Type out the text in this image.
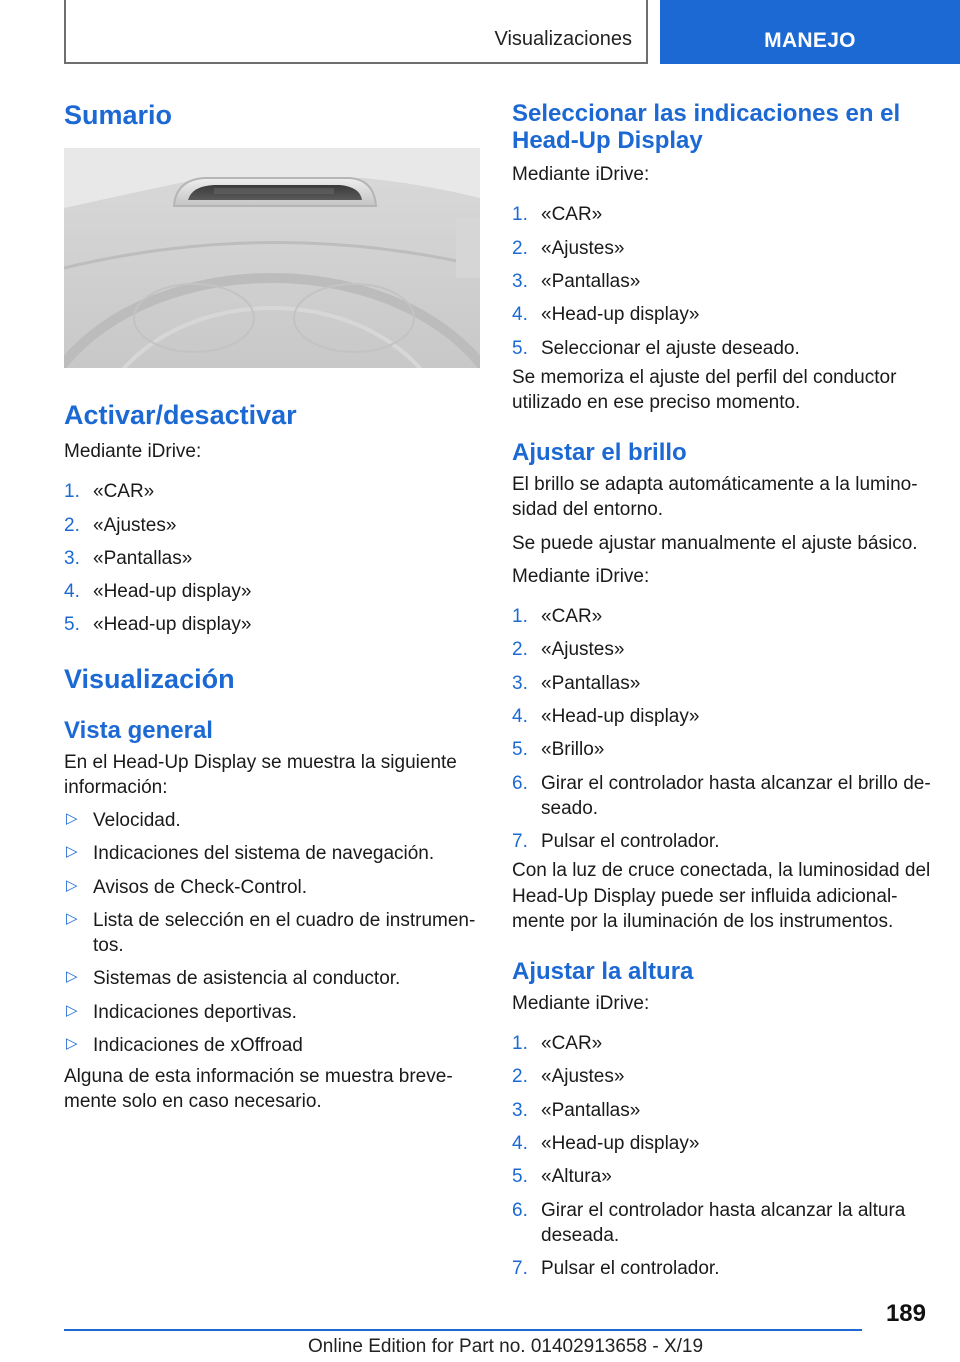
Visualizaciones	MANEJO
Sumario
Activar/desactivar

Mediante iDrive:

1. «CAR»
2. «Ajustes»
3. «Pantallas»
4. «Head-up display»
5. «Head-up display»
Visualización
Vista general

En el Head-Up Display se muestra la siguiente información:

▷ Velocidad.
▷ Indicaciones del sistema de navegación.
▷ Avisos de Check-Control.
▷ Lista de selección en el cuadro de instrumen-tos.
▷ Sistemas de asistencia al conductor.
▷ Indicaciones deportivas.
▷ Indicaciones de xOffroad

Alguna de esta información se muestra breve-mente solo en caso necesario.

Seleccionar las indicaciones en el Head-Up Display

Mediante iDrive:

1. «CAR»
2. «Ajustes»
3. «Pantallas»
4. «Head-up display»
5. Seleccionar el ajuste deseado.

Se memoriza el ajuste del perfil del conductor utilizado en ese preciso momento.

Ajustar el brillo

El brillo se adapta automáticamente a la lumino-sidad del entorno.

Se puede ajustar manualmente el ajuste básico.

Mediante iDrive:

1. «CAR»
2. «Ajustes»
3. «Pantallas»
4. «Head-up display»
5. «Brillo»
6. Girar el controlador hasta alcanzar el brillo de-seado.
7. Pulsar el controlador.

Con la luz de cruce conectada, la luminosidad del Head-Up Display puede ser influida adicional-mente por la iluminación de los instrumentos.

Ajustar la altura

Mediante iDrive:

1. «CAR»
2. «Ajustes»
3. «Pantallas»
4. «Head-up display»
5. «Altura»
6. Girar el controlador hasta alcanzar la altura deseada.
7. Pulsar el controlador.
189
Online Edition for Part no. 01402913658 - X/19
